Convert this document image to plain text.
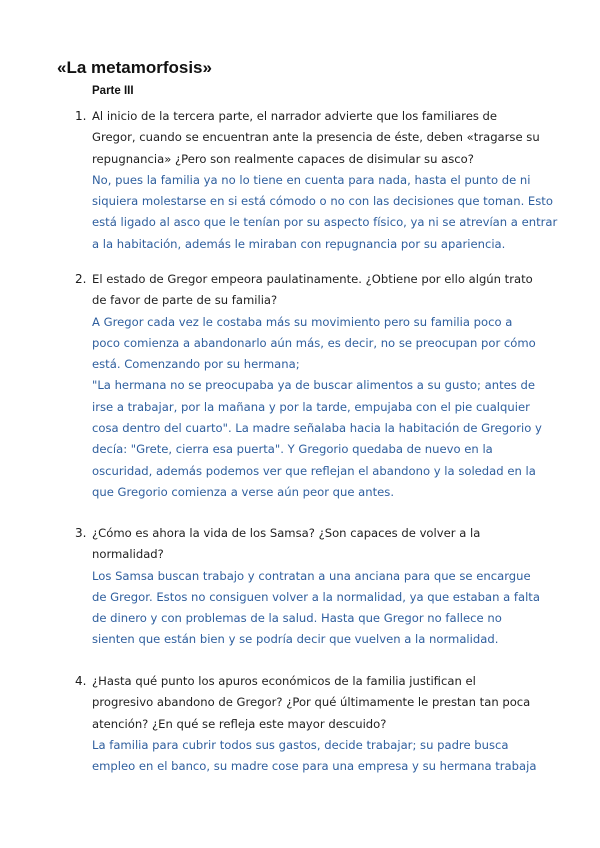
«La metamorfosis»
Parte III
1. Al inicio de la tercera parte, el narrador advierte que los familiares de
Gregor, cuando se encuentran ante la presencia de éste, deben «tragarse su
repugnancia» ¿Pero son realmente capaces de disimular su asco?
No, pues la familia ya no lo tiene en cuenta para nada, hasta el punto de ni
siquiera molestarse en si está cómodo o no con las decisiones que toman. Esto
está ligado al asco que le tenían por su aspecto físico, ya ni se atrevían a entrar
a la habitación, además le miraban con repugnancia por su apariencia.
2. El estado de Gregor empeora paulatinamente. ¿Obtiene por ello algún trato
de favor de parte de su familia?
A Gregor cada vez le costaba más su movimiento pero su familia poco a
poco comienza a abandonarlo aún más, es decir, no se preocupan por cómo
está. Comenzando por su hermana;
"La hermana no se preocupaba ya de buscar alimentos a su gusto; antes de
irse a trabajar, por la mañana y por la tarde, empujaba con el pie cualquier
cosa dentro del cuarto". La madre señalaba hacia la habitación de Gregorio y
decía: "Grete, cierra esa puerta". Y Gregorio quedaba de nuevo en la
oscuridad, además podemos ver que reflejan el abandono y la soledad en la
que Gregorio comienza a verse aún peor que antes.
3. ¿Cómo es ahora la vida de los Samsa? ¿Son capaces de volver a la
normalidad?
Los Samsa buscan trabajo y contratan a una anciana para que se encargue
de Gregor. Estos no consiguen volver a la normalidad, ya que estaban a falta
de dinero y con problemas de la salud. Hasta que Gregor no fallece no
sienten que están bien y se podría decir que vuelven a la normalidad.
4. ¿Hasta qué punto los apuros económicos de la familia justifican el
progresivo abandono de Gregor? ¿Por qué últimamente le prestan tan poca
atención? ¿En qué se refleja este mayor descuido?
La familia para cubrir todos sus gastos, decide trabajar; su padre busca
empleo en el banco, su madre cose para una empresa y su hermana trabaja
